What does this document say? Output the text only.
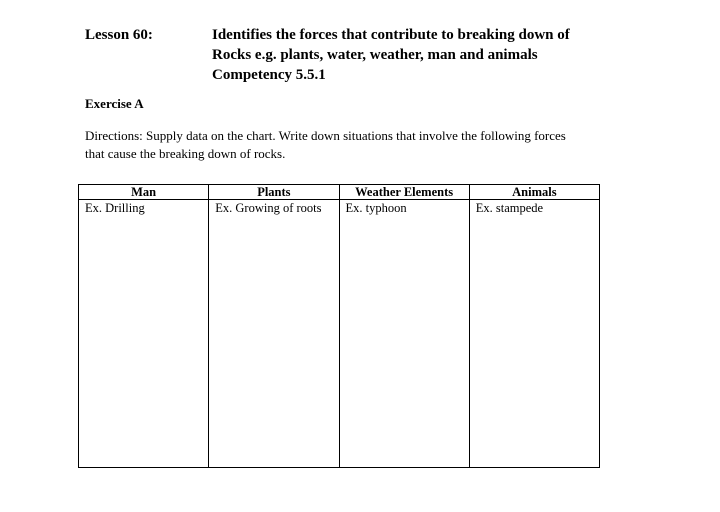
Lesson 60:	Identifies the forces that contribute to breaking down of
Rocks e.g. plants, water, weather, man and animals
Competency 5.5.1
Exercise A
Directions: Supply data on the chart. Write down situations that involve the following forces
that cause the breaking down of rocks.
Man	Plants	Weather Elements	Animals
Ex. Drilling	Ex. Growing of roots	Ex. typhoon	Ex. stampede
